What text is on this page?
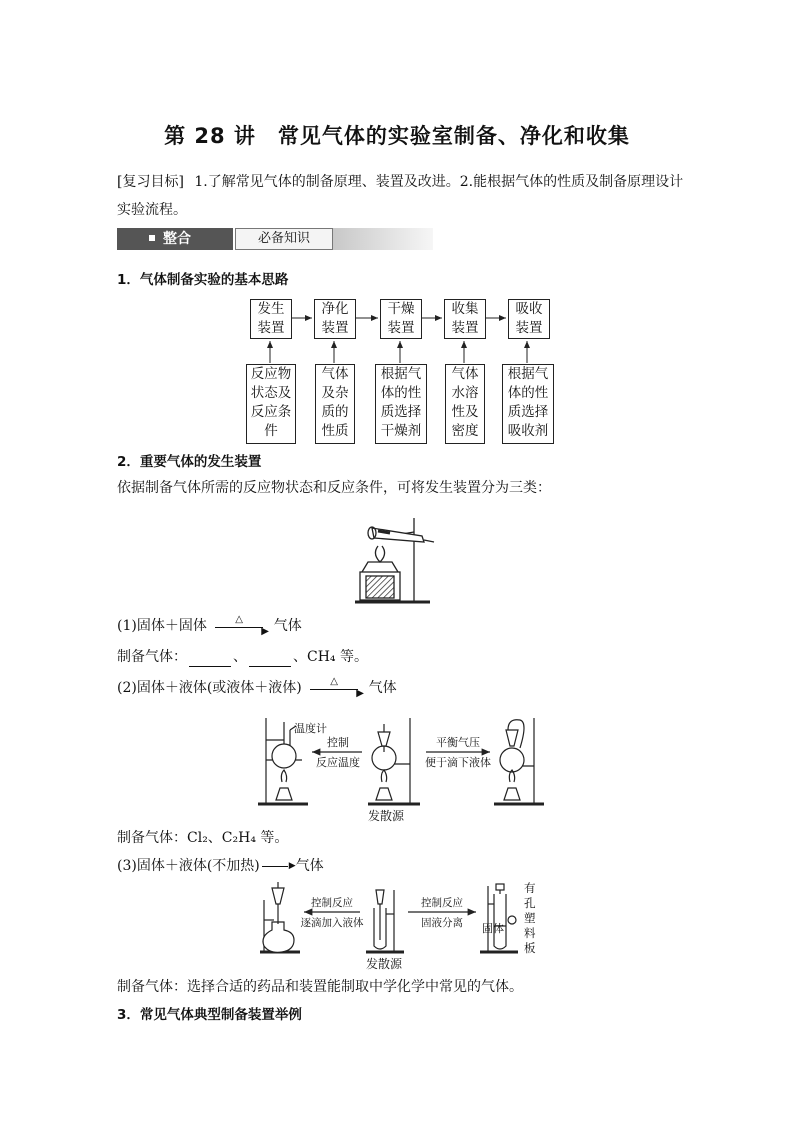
第 28 讲　常见气体的实验室制备、净化和收集
[复习目标] 1.了解常见气体的制备原理、装置及改进。2.能根据气体的性质及制备原理设计
实验流程。
整合	必备知识
1．气体制备实验的基本思路
发生
装置
净化
装置
干燥
装置
收集
装置
吸收
装置
反应物
状态及
反应条
件
气体
及杂
质的
性质
根据气
体的性
质选择
干燥剂
气体
水溶
性及
密度
根据气
体的性
质选择
吸收剂
2．重要气体的发生装置
依据制备气体所需的反应物状态和反应条件，可将发生装置分为三类：
(1)固体＋固体	△
▶ 气体
制备气体：	、	、CH₄ 等。
(2)固体＋液体(或液体＋液体)	△
▶ 气体
温度计
控制
反应温度
平衡气压
便于滴下液体
发散源
制备气体：Cl₂、C₂H₄ 等。
(3)固体＋液体(不加热)	▶气体
控制反应
逐滴加入液体
控制反应
固液分离
发散源
固体
有 孔 塑 料 板
制备气体：选择合适的药品和装置能制取中学化学中常见的气体。
3．常见气体典型制备装置举例
